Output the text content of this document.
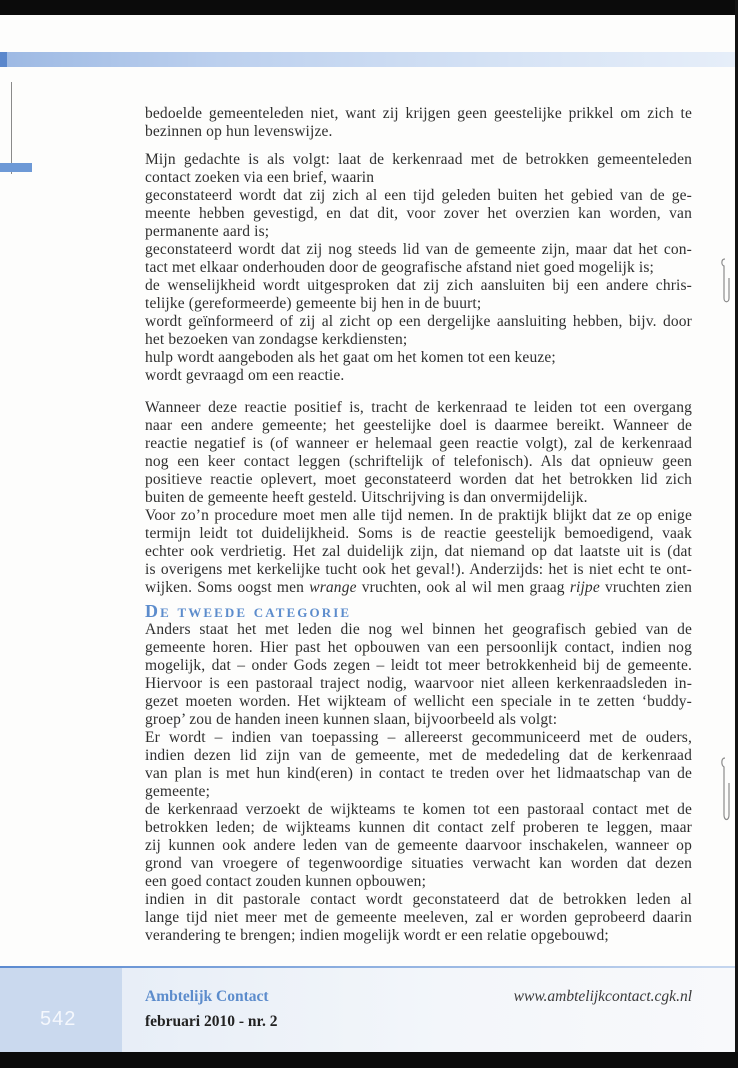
bedoelde gemeenteleden niet, want zij krijgen geen geestelijke prikkel om zich te
bezinnen op hun levenswijze.
Mijn gedachte is als volgt: laat de kerkenraad met de betrokken gemeenteleden
contact zoeken via een brief, waarin
geconstateerd wordt dat zij zich al een tijd geleden buiten het gebied van de ge-
meente hebben gevestigd, en dat dit, voor zover het overzien kan worden, van
permanente aard is;
geconstateerd wordt dat zij nog steeds lid van de gemeente zijn, maar dat het con-
tact met elkaar onderhouden door de geografische afstand niet goed mogelijk is;
de wenselijkheid wordt uitgesproken dat zij zich aansluiten bij een andere chris-
telijke (gereformeerde) gemeente bij hen in de buurt;
wordt geïnformeerd of zij al zicht op een dergelijke aansluiting hebben, bijv. door
het bezoeken van zondagse kerkdiensten;
hulp wordt aangeboden als het gaat om het komen tot een keuze;
wordt gevraagd om een reactie.
Wanneer deze reactie positief is, tracht de kerkenraad te leiden tot een overgang
naar een andere gemeente; het geestelijke doel is daarmee bereikt. Wanneer de
reactie negatief is (of wanneer er helemaal geen reactie volgt), zal de kerkenraad
nog een keer contact leggen (schriftelijk of telefonisch). Als dat opnieuw geen
positieve reactie oplevert, moet geconstateerd worden dat het betrokken lid zich
buiten de gemeente heeft gesteld. Uitschrijving is dan onvermijdelijk.
Voor zo’n procedure moet men alle tijd nemen. In de praktijk blijkt dat ze op enige
termijn leidt tot duidelijkheid. Soms is de reactie geestelijk bemoedigend, vaak
echter ook verdrietig. Het zal duidelijk zijn, dat niemand op dat laatste uit is (dat
is overigens met kerkelijke tucht ook het geval!). Anderzijds: het is niet echt te ont-
wijken. Soms oogst men wrange vruchten, ook al wil men graag rijpe vruchten zien
De tweede categorie
Anders staat het met leden die nog wel binnen het geografisch gebied van de
gemeente horen. Hier past het opbouwen van een persoonlijk contact, indien nog
mogelijk, dat – onder Gods zegen – leidt tot meer betrokkenheid bij de gemeente.
Hiervoor is een pastoraal traject nodig, waarvoor niet alleen kerkenraadsleden in-
gezet moeten worden. Het wijkteam of wellicht een speciale in te zetten ‘buddy-
groep’ zou de handen ineen kunnen slaan, bijvoorbeeld als volgt:
Er wordt – indien van toepassing – allereerst gecommuniceerd met de ouders,
indien dezen lid zijn van de gemeente, met de mededeling dat de kerkenraad
van plan is met hun kind(eren) in contact te treden over het lidmaatschap van de
gemeente;
de kerkenraad verzoekt de wijkteams te komen tot een pastoraal contact met de
betrokken leden; de wijkteams kunnen dit contact zelf proberen te leggen, maar
zij kunnen ook andere leden van de gemeente daarvoor inschakelen, wanneer op
grond van vroegere of tegenwoordige situaties verwacht kan worden dat dezen
een goed contact zouden kunnen opbouwen;
indien in dit pastorale contact wordt geconstateerd dat de betrokken leden al
lange tijd niet meer met de gemeente meeleven, zal er worden geprobeerd daarin
verandering te brengen; indien mogelijk wordt er een relatie opgebouwd;
542
Ambtelijk Contact
februari 2010 - nr. 2
www.ambtelijkcontact.cgk.nl
